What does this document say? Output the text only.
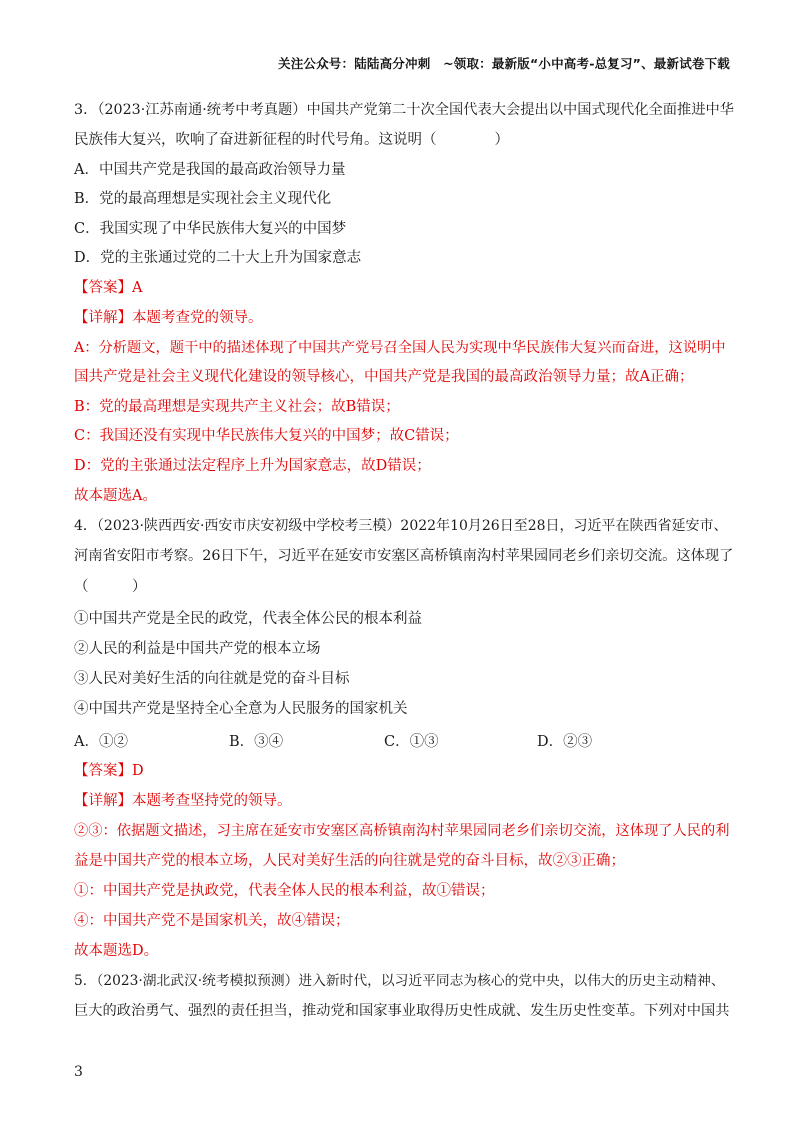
关注公众号：陆陆高分冲刺　~领取：最新版“小中高考-总复习”、最新试卷下载
3．（2023·江苏南通·统考中考真题）中国共产党第二十次全国代表大会提出以中国式现代化全面推进中华
民族伟大复兴，吹响了奋进新征程的时代号角。这说明（　　　　）
A．中国共产党是我国的最高政治领导力量
B．党的最高理想是实现社会主义现代化
C．我国实现了中华民族伟大复兴的中国梦
D．党的主张通过党的二十大上升为国家意志
【答案】A
【详解】本题考查党的领导。
A：分析题文，题干中的描述体现了中国共产党号召全国人民为实现中华民族伟大复兴而奋进，这说明中
国共产党是社会主义现代化建设的领导核心，中国共产党是我国的最高政治领导力量；故A正确；
B：党的最高理想是实现共产主义社会；故B错误；
C：我国还没有实现中华民族伟大复兴的中国梦；故C错误；
D：党的主张通过法定程序上升为国家意志，故D错误；
故本题选A。
4．（2023·陕西西安·西安市庆安初级中学校考三模）2022年10月26日至28日，习近平在陕西省延安市、
河南省安阳市考察。26日下午，习近平在延安市安塞区高桥镇南沟村苹果园同老乡们亲切交流。这体现了
（　　　）
①中国共产党是全民的政党，代表全体公民的根本利益
②人民的利益是中国共产党的根本立场
③人民对美好生活的向往就是党的奋斗目标
④中国共产党是坚持全心全意为人民服务的国家机关
A．①②	B．③④	C．①③	D．②③
【答案】D
【详解】本题考查坚持党的领导。
②③：依据题文描述，习主席在延安市安塞区高桥镇南沟村苹果园同老乡们亲切交流，这体现了人民的利
益是中国共产党的根本立场，人民对美好生活的向往就是党的奋斗目标，故②③正确；
①：中国共产党是执政党，代表全体人民的根本利益，故①错误；
④：中国共产党不是国家机关，故④错误；
故本题选D。
5．（2023·湖北武汉·统考模拟预测）进入新时代，以习近平同志为核心的党中央，以伟大的历史主动精神、
巨大的政治勇气、强烈的责任担当，推动党和国家事业取得历史性成就、发生历史性变革。下列对中国共
3
